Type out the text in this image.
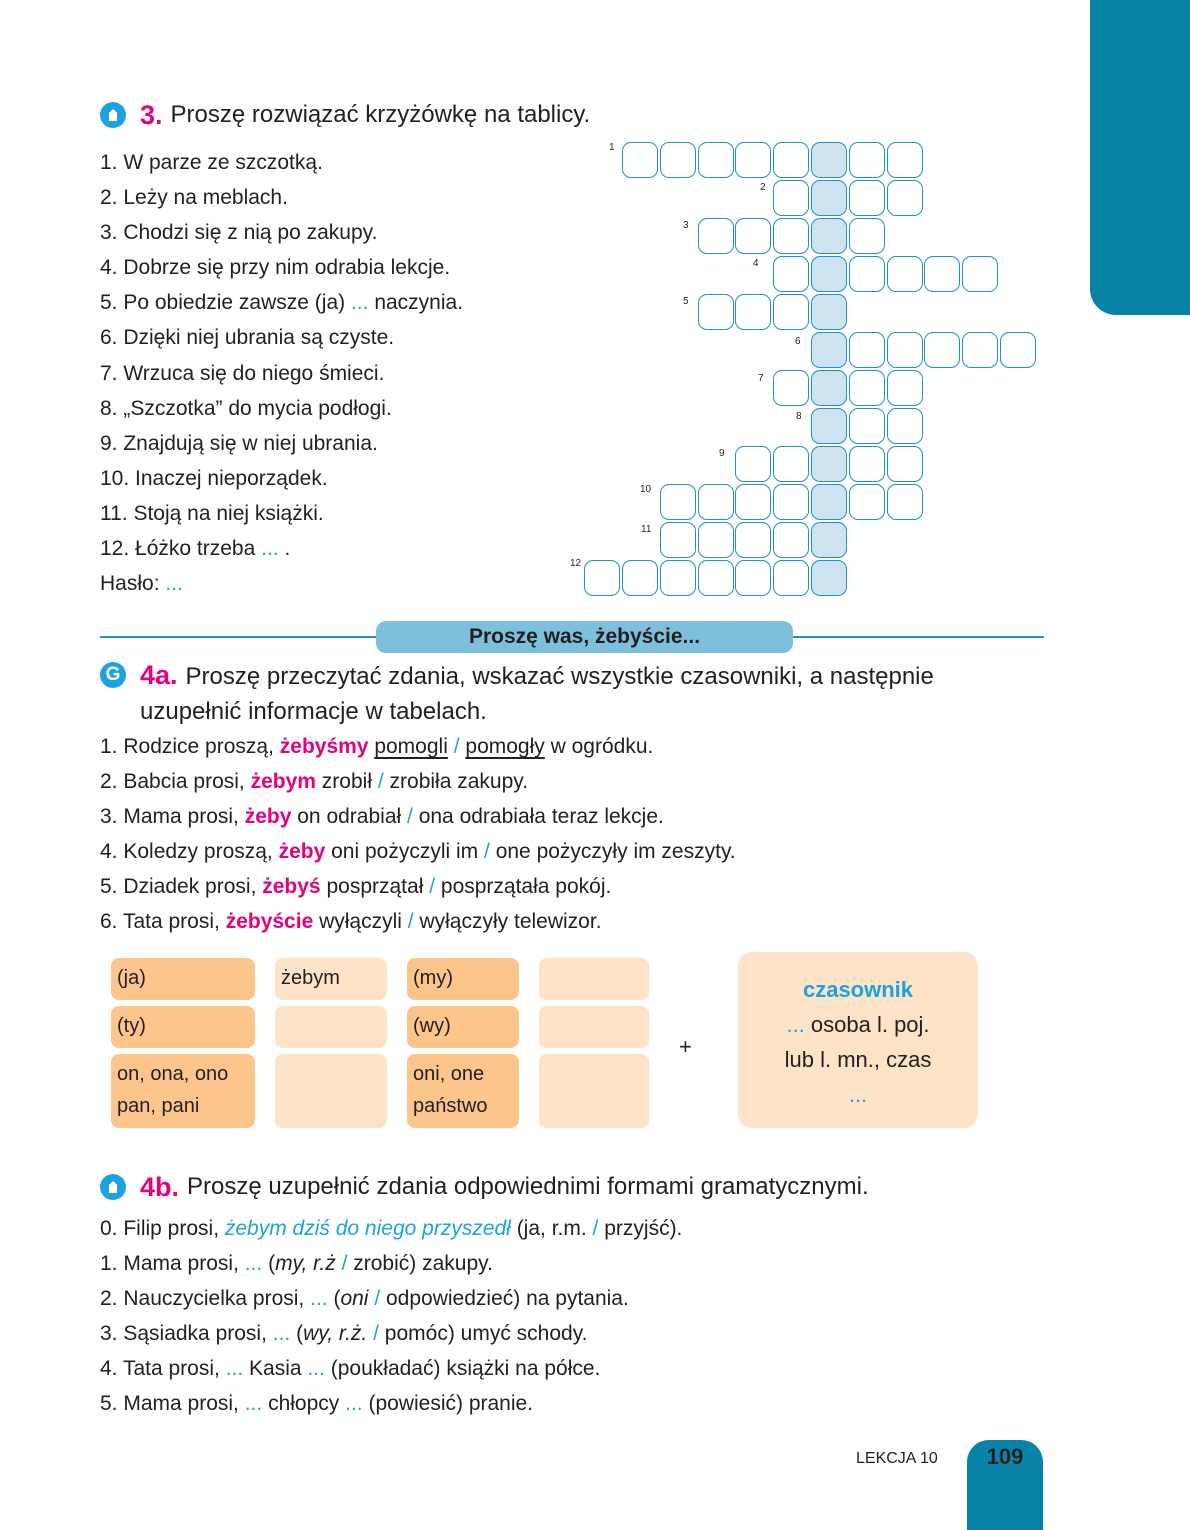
3. Proszę rozwiązać krzyżówkę na tablicy.
1. W parze ze szczotką.
2. Leży na meblach.
3. Chodzi się z nią po zakupy.
4. Dobrze się przy nim odrabia lekcje.
5. Po obiedzie zawsze (ja) ... naczynia.
6. Dzięki niej ubrania są czyste.
7. Wrzuca się do niego śmieci.
8. „Szczotka” do mycia podłogi.
9. Znajdują się w niej ubrania.
10. Inaczej nieporządek.
11. Stoją na niej książki.
12. Łóżko trzeba ... .
Hasło: ...
1
2
3
4
5
6
7
8
9
10
11
12
Proszę was, żebyście...
G 4a. Proszę przeczytać zdania, wskazać wszystkie czasowniki, a następnie
uzupełnić informacje w tabelach.
1. Rodzice proszą, żebyśmy pomogli / pomogły w ogródku.
2. Babcia prosi, żebym zrobił / zrobiła zakupy.
3. Mama prosi, żeby on odrabiał / ona odrabiała teraz lekcje.
4. Koledzy proszą, żeby oni pożyczyli im / one pożyczyły im zeszyty.
5. Dziadek prosi, żebyś posprzątał / posprzątała pokój.
6. Tata prosi, żebyście wyłączyli / wyłączyły telewizor.
(ja)	żebym
(ty)
on, ona, ono
pan, pani
(my)
(wy)
oni, one
państwo
+
czasownik
... osoba l. poj.
lub l. mn., czas
...
4b. Proszę uzupełnić zdania odpowiednimi formami gramatycznymi.
0. Filip prosi, żebym dziś do niego przyszedł (ja, r.m. / przyjść).
1. Mama prosi, ... (my, r.ż / zrobić) zakupy.
2. Nauczycielka prosi, ... (oni / odpowiedzieć) na pytania.
3. Sąsiadka prosi, ... (wy, r.ż. / pomóc) umyć schody.
4. Tata prosi, ... Kasia ... (poukładać) książki na półce.
5. Mama prosi, ... chłopcy ... (powiesić) pranie.
LEKCJA 10	109
